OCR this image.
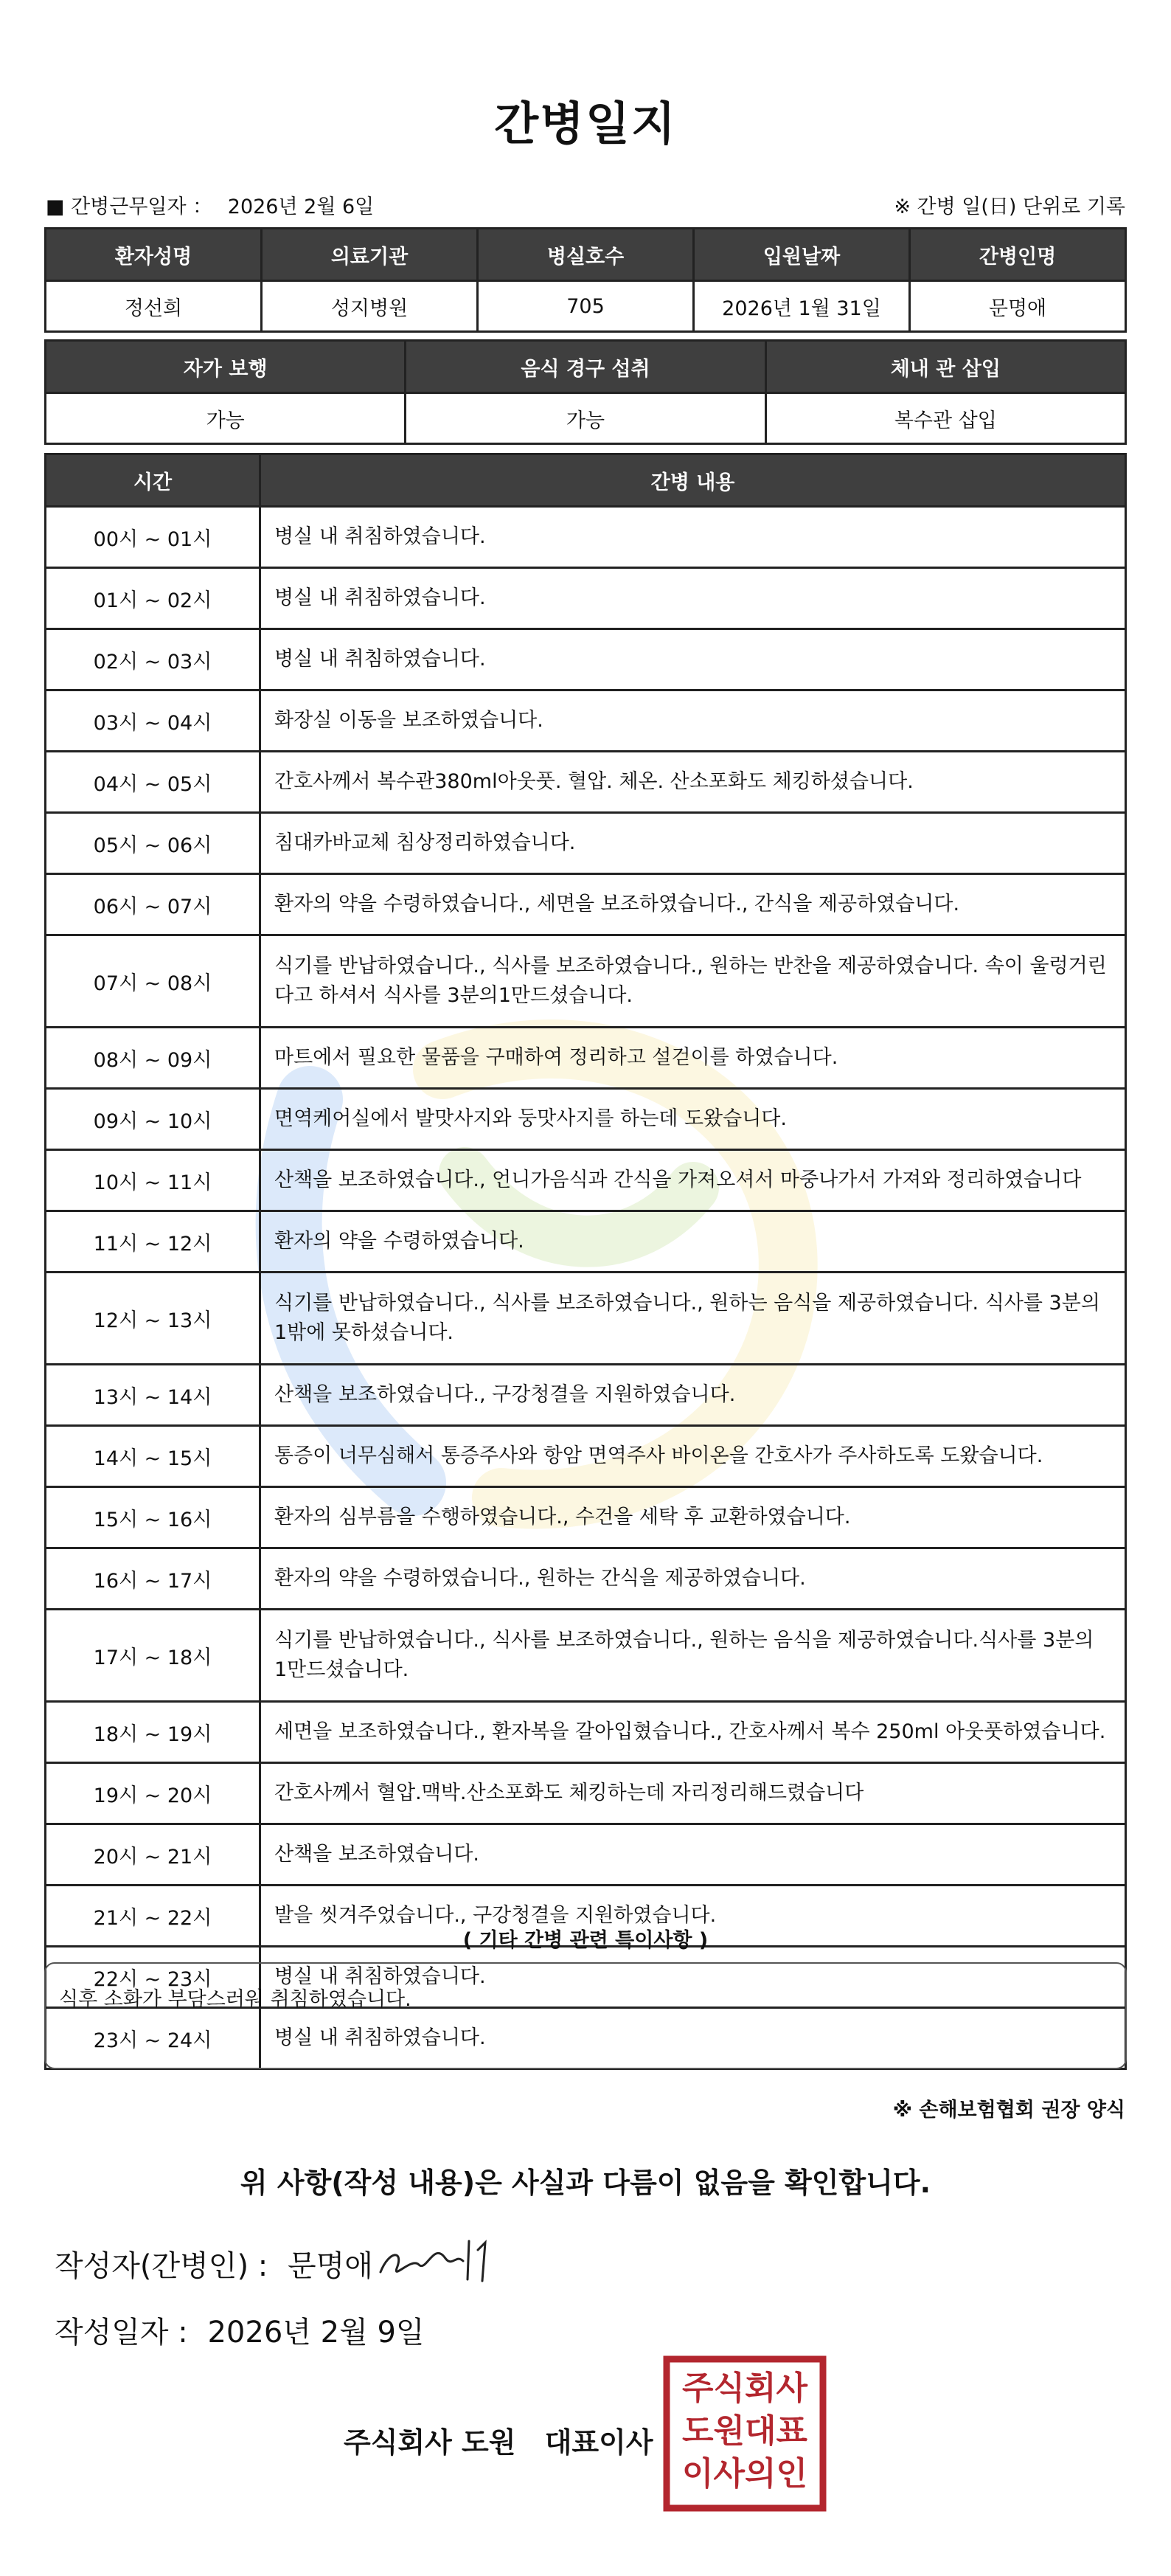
간병일지
■ 간병근무일자 ： 2026년 2월 6일	※ 간병 일(日) 단위로 기록
환자성명	의료기관	병실호수	입원날짜	간병인명
정선희	성지병원	705	2026년 1월 31일	문명애
자가 보행	음식 경구 섭취	체내 관 삽입
가능	가능	복수관 삽입
시간	간병 내용
00시 ~ 01시	병실 내 취침하였습니다.
01시 ~ 02시	병실 내 취침하였습니다.
02시 ~ 03시	병실 내 취침하였습니다.
03시 ~ 04시	화장실 이동을 보조하였습니다.
04시 ~ 05시	간호사께서 복수관380ml아웃풋. 혈압. 체온. 산소포화도 체킹하셨습니다.
05시 ~ 06시	침대카바교체 침상정리하였습니다.
06시 ~ 07시	환자의 약을 수령하였습니다., 세면을 보조하였습니다., 간식을 제공하였습니다.
07시 ~ 08시	식기를 반납하였습니다., 식사를 보조하였습니다., 원하는 반찬을 제공하였습니다. 속이 울렁거린다고 하셔서 식사를 3분의1만드셨습니다.
08시 ~ 09시	마트에서 필요한 물품을 구매하여 정리하고 설걷이를 하였습니다.
09시 ~ 10시	면역케어실에서 발맛사지와 둥맛사지를 하는데 도왔습니다.
10시 ~ 11시	산책을 보조하였습니다., 언니가음식과 간식을 가져오셔서 마중나가서 가져와 정리하였습니다
11시 ~ 12시	환자의 약을 수령하였습니다.
12시 ~ 13시	식기를 반납하였습니다., 식사를 보조하였습니다., 원하는 음식을 제공하였습니다. 식사를 3분의 1밖에 못하셨습니다.
13시 ~ 14시	산책을 보조하였습니다., 구강청결을 지원하였습니다.
14시 ~ 15시	통증이 너무심해서 통증주사와 항암 면역주사 바이온을 간호사가 주사하도록 도왔습니다.
15시 ~ 16시	환자의 심부름을 수행하였습니다., 수건을 세탁 후 교환하였습니다.
16시 ~ 17시	환자의 약을 수령하였습니다., 원하는 간식을 제공하였습니다.
17시 ~ 18시	식기를 반납하였습니다., 식사를 보조하였습니다., 원하는 음식을 제공하였습니다.식사를 3분의 1만드셨습니다.
18시 ~ 19시	세면을 보조하였습니다., 환자복을 갈아입혔습니다., 간호사께서 복수 250ml 아웃풋하였습니다.
19시 ~ 20시	간호사께서 혈압.맥박.산소포화도 체킹하는데 자리정리해드렸습니다
20시 ~ 21시	산책을 보조하였습니다.
21시 ~ 22시	발을 씻겨주었습니다., 구강청결을 지원하였습니다.
22시 ~ 23시	병실 내 취침하였습니다.
23시 ~ 24시	병실 내 취침하였습니다.
( 기타 간병 관련 특이사항 )
식후 소화가 부담스러워 취침하였습니다.
※ 손해보험협회 권장 양식
위 사항(작성 내용)은 사실과 다름이 없음을 확인합니다.
작성자(간병인) : 문명애
작성일자 : 2026년 2월 9일
주식회사 도원 대표이사
주식회사
도원대표
이사의인
